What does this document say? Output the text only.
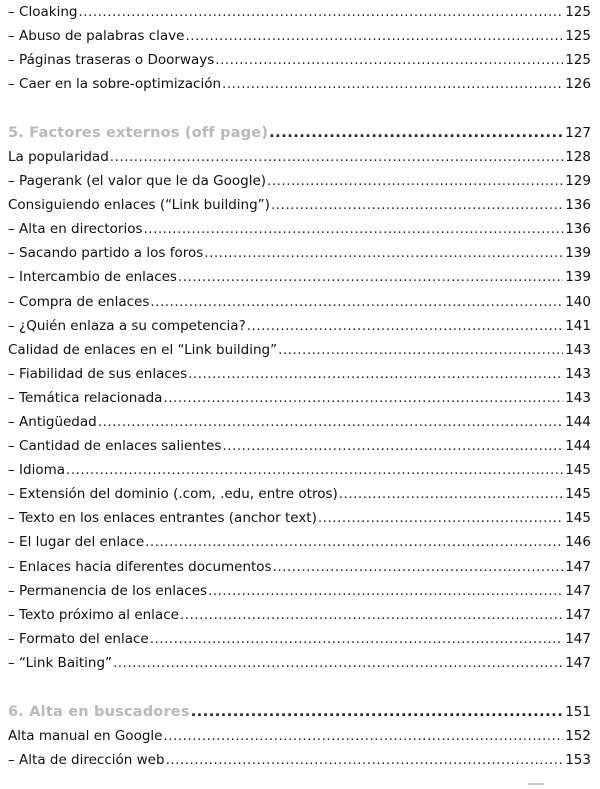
– Cloaking .....	125
– Abuso de palabras clave .....	125
– Páginas traseras o Doorways .....	125
– Caer en la sobre-optimización .....	126
5. Factores externos (off page) .....	127
La popularidad .....	128
– Pagerank (el valor que le da Google) .....	129
Consiguiendo enlaces (“Link building”) .....	136
– Alta en directorios .....	136
– Sacando partido a los foros .....	139
– Intercambio de enlaces .....	139
– Compra de enlaces .....	140
– ¿Quién enlaza a su competencia? .....	141
Calidad de enlaces en el “Link building” .....	143
– Fiabilidad de sus enlaces .....	143
– Temática relacionada .....	143
– Antigüedad .....	144
– Cantidad de enlaces salientes .....	144
– Idioma .....	145
– Extensión del dominio (.com, .edu, entre otros) .....	145
– Texto en los enlaces entrantes (anchor text) .....	145
– El lugar del enlace .....	146
– Enlaces hacia diferentes documentos .....	147
– Permanencia de los enlaces .....	147
– Texto próximo al enlace .....	147
– Formato del enlace .....	147
– “Link Baiting” .....	147
6. Alta en buscadores .....	151
Alta manual en Google .....	152
– Alta de dirección web .....	153
